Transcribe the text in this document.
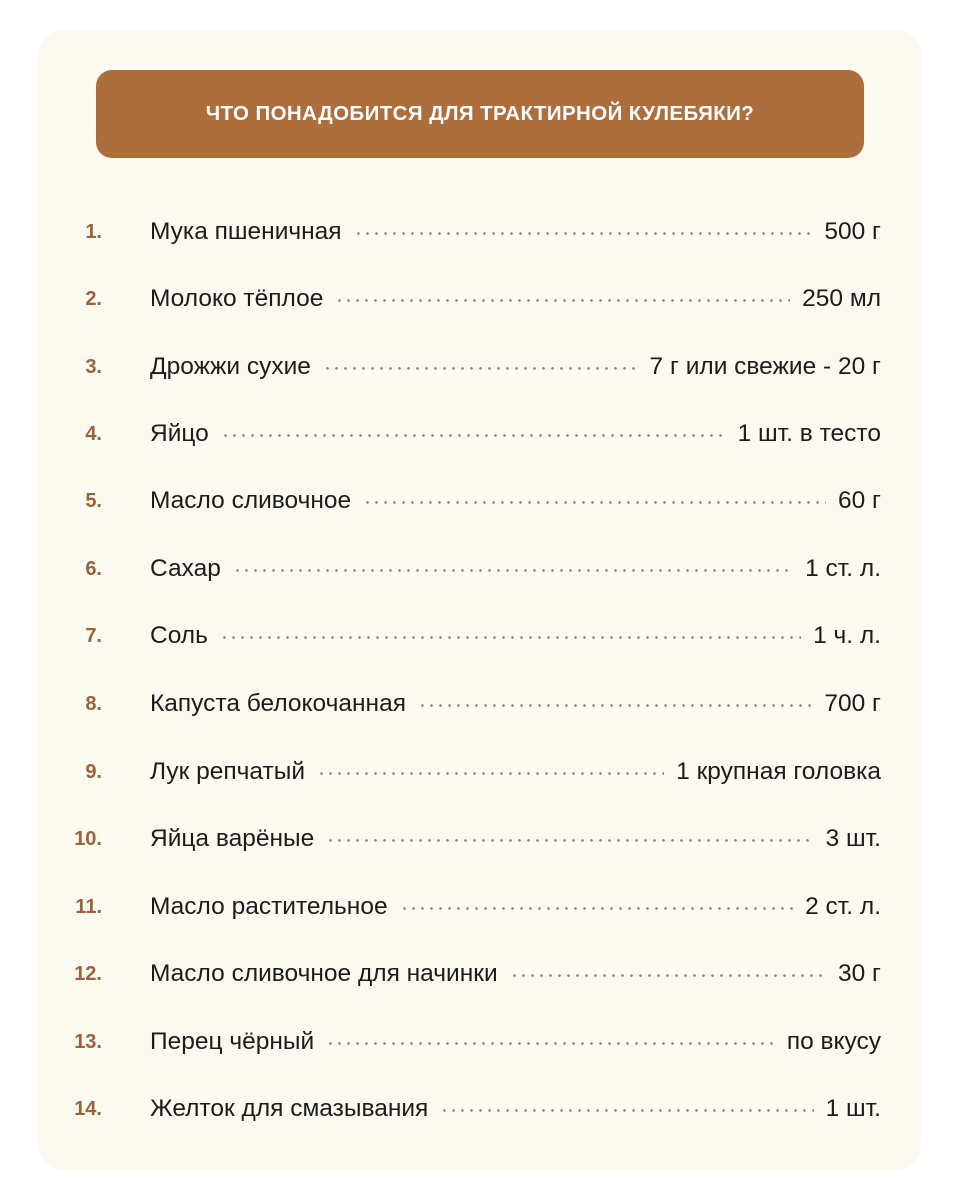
ЧТО ПОНАДОБИТСЯ ДЛЯ ТРАКТИРНОЙ КУЛЕБЯКИ?
1. Мука пшеничная	500 г
2. Молоко тёплое	250 мл
3. Дрожжи сухие	7 г или свежие - 20 г
4. Яйцо	1 шт. в тесто
5. Масло сливочное	60 г
6. Сахар	1 ст. л.
7. Соль	1 ч. л.
8. Капуста белокочанная	700 г
9. Лук репчатый	1 крупная головка
10. Яйца варёные	3 шт.
11. Масло растительное	2 ст. л.
12. Масло сливочное для начинки	30 г
13. Перец чёрный	по вкусу
14. Желток для смазывания	1 шт.
